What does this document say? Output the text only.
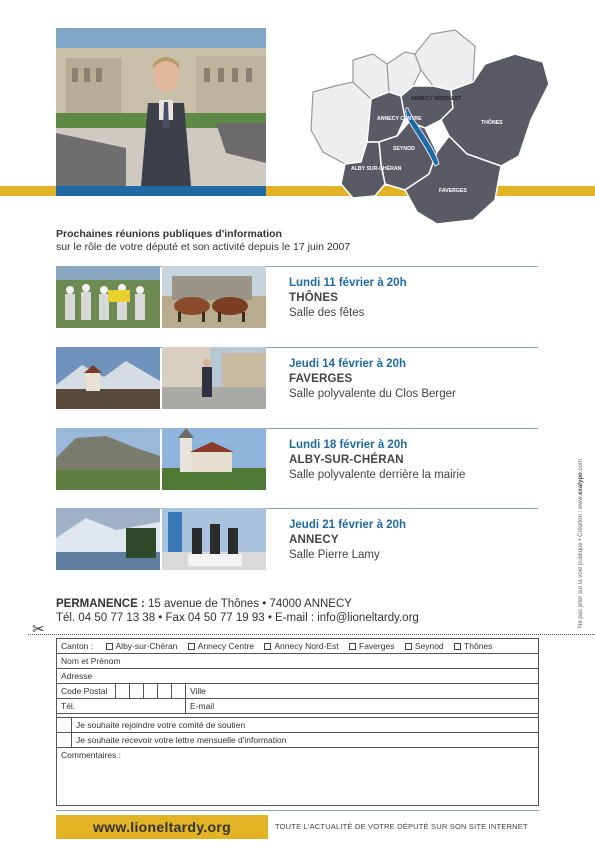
ANNECY NORD-EST
ANNECY CENTRE
THÔNES
SEYNOD
ALBY SUR-CHÉRAN
FAVERGES
Prochaines réunions publiques d'information
sur le rôle de votre député et son activité depuis le 17 juin 2007
Lundi 11 février à 20h
THÔNES
Salle des fêtes
Jeudi 14 février à 20h
FAVERGES
Salle polyvalente du Clos Berger
Lundi 18 février à 20h
ALBY-SUR-CHÉRAN
Salle polyvalente derrière la mairie
Jeudi 21 février à 20h
ANNECY
Salle Pierre Lamy	Ne pas jeter sur la voie publique • Création : www.exatypo.com
PERMANENCE : 15 avenue de Thônes • 74000 ANNECY
Tél. 04 50 77 13 38 • Fax 04 50 77 19 93 • E-mail : info@lioneltardy.org
✂
Canton :	Alby-sur-Chéran Annecy Centre Annecy Nord-Est Faverges Seynod Thônes
Nom et Prénom
Adresse
Code Postal	Ville
Tél.	E-mail
Je souhaite rejoindre votre comité de soutien
Je souhaite recevoir votre lettre mensuelle d'information
Commentaires :
www.lioneltardy.org	TOUTE L'ACTUALITÉ DE VOTRE DÉPUTÉ SUR SON SITE INTERNET
